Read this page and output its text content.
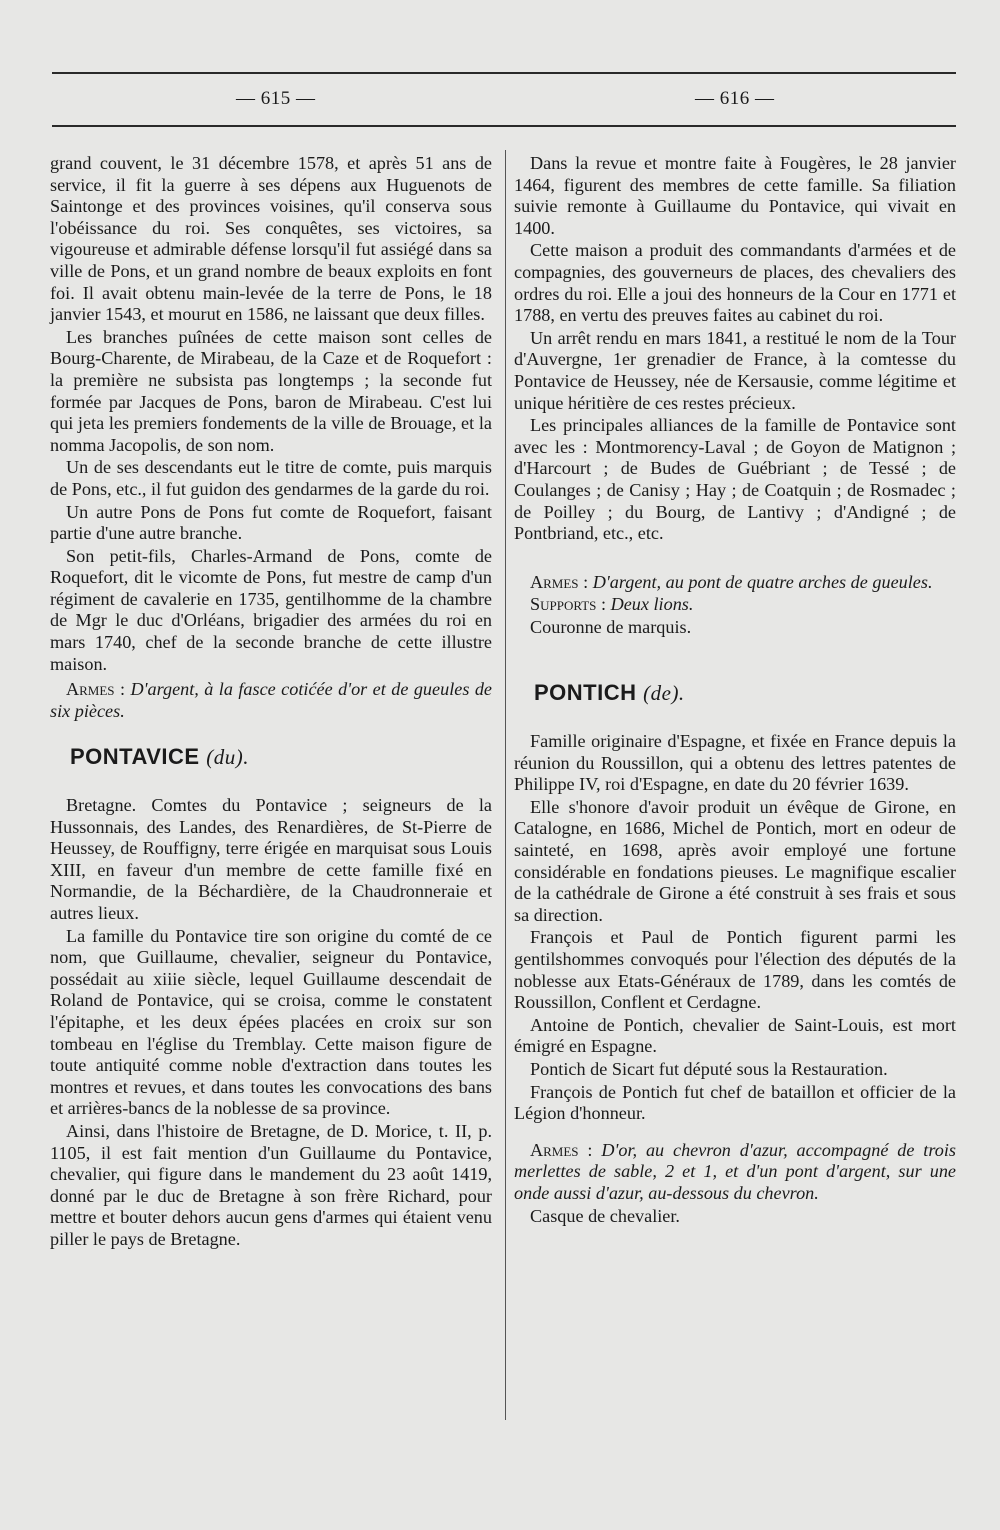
— 615 —	— 616 —

grand couvent, le 31 décembre 1578, et après 51 ans de service, il fit la guerre à ses dépens aux Huguenots de Saintonge et des provinces voisines, qu'il conserva sous l'obéissance du roi. Ses conquêtes, ses victoires, sa vigoureuse et admirable défense lorsqu'il fut assiégé dans sa ville de Pons, et un grand nombre de beaux exploits en font foi. Il avait obtenu main-levée de la terre de Pons, le 18 janvier 1543, et mourut en 1586, ne laissant que deux filles.

Les branches puînées de cette maison sont celles de Bourg-Charente, de Mirabeau, de la Caze et de Roquefort : la première ne subsista pas longtemps ; la seconde fut formée par Jacques de Pons, baron de Mirabeau. C'est lui qui jeta les premiers fondements de la ville de Brouage, et la nomma Jacopolis, de son nom.

Un de ses descendants eut le titre de comte, puis marquis de Pons, etc., il fut guidon des gendarmes de la garde du roi.

Un autre Pons de Pons fut comte de Roquefort, faisant partie d'une autre branche.

Son petit-fils, Charles-Armand de Pons, comte de Roquefort, dit le vicomte de Pons, fut mestre de camp d'un régiment de cavalerie en 1735, gentilhomme de la chambre de Mgr le duc d'Orléans, brigadier des armées du roi en mars 1740, chef de la seconde branche de cette illustre maison.

Armes : D'argent, à la fasce cotićée d'or et de gueules de six pièces.

PONTAVICE (du).

Bretagne. Comtes du Pontavice ; seigneurs de la Hussonnais, des Landes, des Renardières, de St-Pierre de Heussey, de Rouffigny, terre érigée en marquisat sous Louis XIII, en faveur d'un membre de cette famille fixé en Normandie, de la Béchardière, de la Chaudronneraie et autres lieux.

La famille du Pontavice tire son origine du comté de ce nom, que Guillaume, chevalier, seigneur du Pontavice, possédait au xiiie siècle, lequel Guillaume descendait de Roland de Pontavice, qui se croisa, comme le constatent l'épitaphe, et les deux épées placées en croix sur son tombeau en l'église du Tremblay. Cette maison figure de toute antiquité comme noble d'extraction dans toutes les montres et revues, et dans toutes les convocations des bans et arrières-bancs de la noblesse de sa province.

Ainsi, dans l'histoire de Bretagne, de D. Morice, t. II, p. 1105, il est fait mention d'un Guillaume du Pontavice, chevalier, qui figure dans le mandement du 23 août 1419, donné par le duc de Bretagne à son frère Richard, pour mettre et bouter dehors aucun gens d'armes qui étaient venu piller le pays de Bretagne.

Dans la revue et montre faite à Fougères, le 28 janvier 1464, figurent des membres de cette famille. Sa filiation suivie remonte à Guillaume du Pontavice, qui vivait en 1400.

Cette maison a produit des commandants d'armées et de compagnies, des gouverneurs de places, des chevaliers des ordres du roi. Elle a joui des honneurs de la Cour en 1771 et 1788, en vertu des preuves faites au cabinet du roi.

Un arrêt rendu en mars 1841, a restitué le nom de la Tour d'Auvergne, 1er grenadier de France, à la comtesse du Pontavice de Heussey, née de Kersausie, comme légitime et unique héritière de ces restes précieux.

Les principales alliances de la famille de Pontavice sont avec les : Montmorency-Laval ; de Goyon de Matignon ; d'Harcourt ; de Budes de Guébriant ; de Tessé ; de Coulanges ; de Canisy ; Hay ; de Coatquin ; de Rosmadec ; de Poilley ; du Bourg, de Lantivy ; d'Andigné ; de Pontbriand, etc., etc.

Armes : D'argent, au pont de quatre arches de gueules.

Supports : Deux lions.

Couronne de marquis.

PONTICH (de).

Famille originaire d'Espagne, et fixée en France depuis la réunion du Roussillon, qui a obtenu des lettres patentes de Philippe IV, roi d'Espagne, en date du 20 février 1639.

Elle s'honore d'avoir produit un évêque de Girone, en Catalogne, en 1686, Michel de Pontich, mort en odeur de sainteté, en 1698, après avoir employé une fortune considérable en fondations pieuses. Le magnifique escalier de la cathédrale de Girone a été construit à ses frais et sous sa direction.

François et Paul de Pontich figurent parmi les gentilshommes convoqués pour l'élection des députés de la noblesse aux Etats-Généraux de 1789, dans les comtés de Roussillon, Conflent et Cerdagne.

Antoine de Pontich, chevalier de Saint-Louis, est mort émigré en Espagne.

Pontich de Sicart fut député sous la Restauration.

François de Pontich fut chef de bataillon et officier de la Légion d'honneur.

Armes : D'or, au chevron d'azur, accompagné de trois merlettes de sable, 2 et 1, et d'un pont d'argent, sur une onde aussi d'azur, au-dessous du chevron.

Casque de chevalier.
